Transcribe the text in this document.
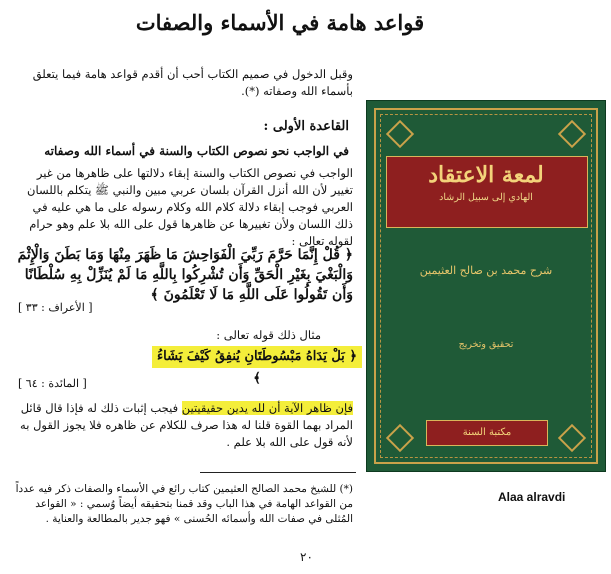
قواعد هامة في الأسماء والصفات
وقبل الدخول في صميم الكتاب أحب أن أقدم قواعد هامة فيما يتعلق بأسماء الله وصفاته (*).
القاعدة الأولى :
في الواجب نحو نصوص الكتاب والسنة في أسماء الله وصفاته
الواجب في نصوص الكتاب والسنة إبقاء دلالتها على ظاهرها من غير تغيير لأن الله أنزل القرآن بلسان عربي مبين والنبي ﷺ يتكلم باللسان العربي فوجب إبقاء دلالة كلام الله وكلام رسوله على ما هي عليه في ذلك اللسان ولأن تغييرها عن ظاهرها قول على الله بلا علم وهو حرام لقوله تعالى :
﴿ قُلْ إِنَّمَا حَرَّمَ رَبِّيَ الْفَوَاحِشَ مَا ظَهَرَ مِنْهَا وَمَا بَطَنَ وَالْإِثْمَ وَالْبَغْيَ بِغَيْرِ الْحَقِّ وَأَن تُشْرِكُوا بِاللَّهِ مَا لَمْ يُنَزِّلْ بِهِ سُلْطَانًا وَأَن تَقُولُوا عَلَى اللَّهِ مَا لَا تَعْلَمُونَ ﴾
[ الأعراف : ٣٣ ]
مثال ذلك قوله تعالى :
﴿ بَلْ يَدَاهُ مَبْسُوطَتَانِ يُنفِقُ كَيْفَ يَشَاءُ ﴾
[ المائدة : ٦٤ ]
فإن ظاهر الآية أن لله يدين حقيقيتين فيجب إثبات ذلك له فإذا قال قائل المراد بهما القوة قلنا له هذا صرف للكلام عن ظاهره فلا يجوز القول به لأنه قول على الله بلا علم .
(*) للشيخ محمد الصالح العثيمين كتاب رائع في الأسماء والصفات ذكر فيه عدداً من القواعد الهامة في هذا الباب وقد قمنا بتحقيقه أيضاً وُسمي : « القواعد المُثلى في صفات الله وأسمائه الحُسنى » فهو جدير بالمطالعة والعناية .
٢٠
لمعة الاعتقاد
الهادي إلى سبيل الرشاد
شرح محمد بن صالح العثيمين
تحقيق وتخريج
مكتبة السنة
Alaa alravdi
